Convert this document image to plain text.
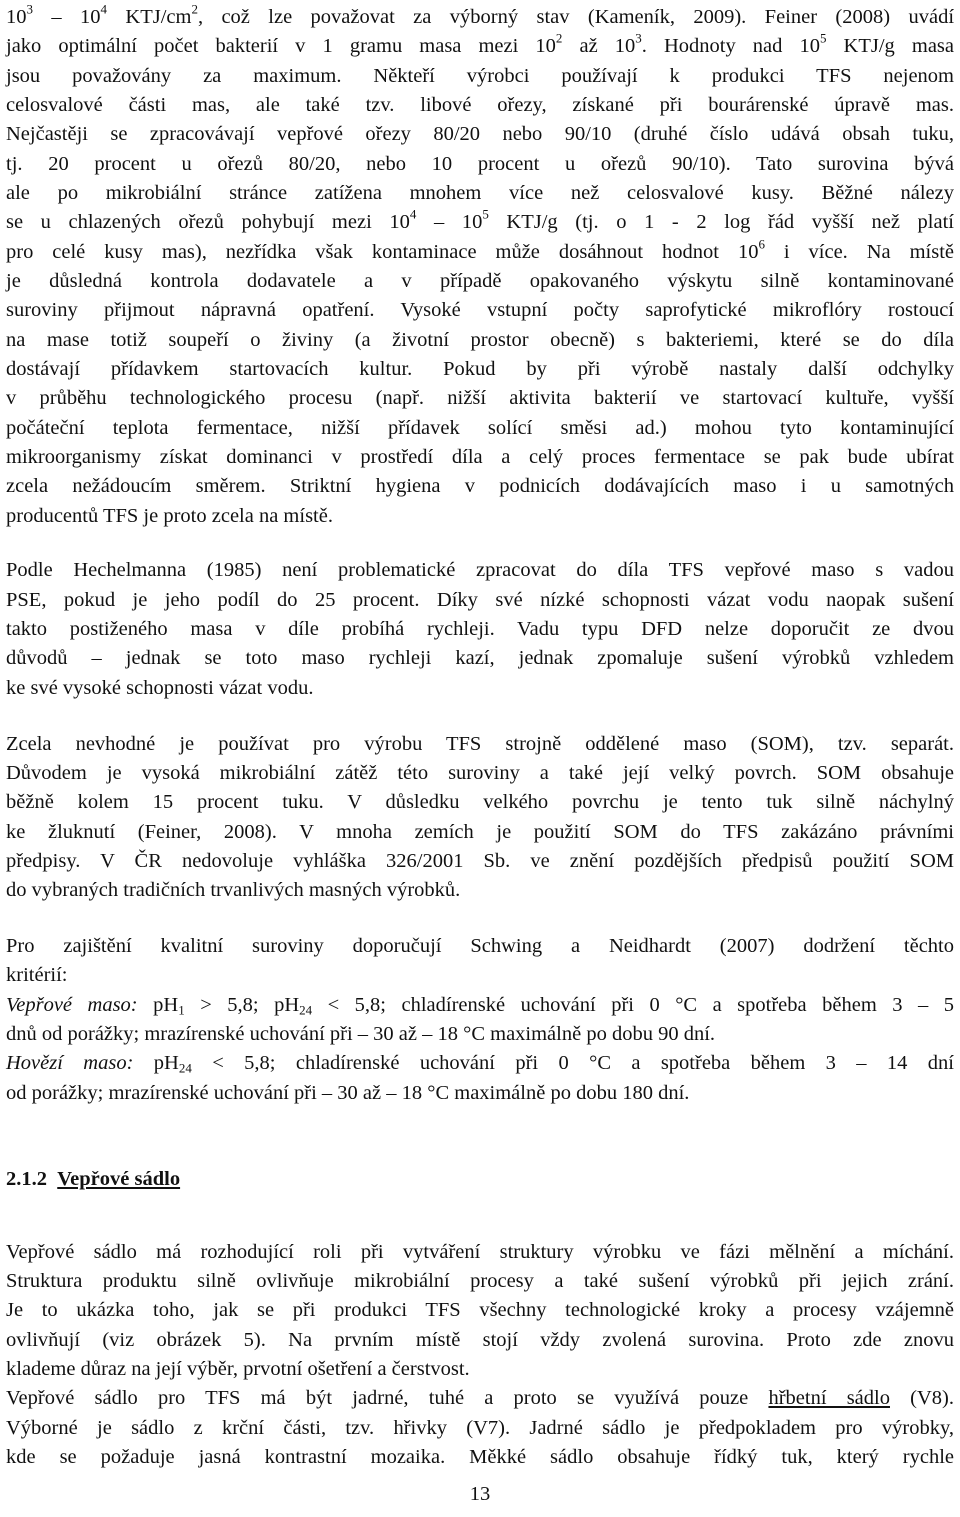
$10^3 - 10^4$ KTJ/$cm^2$, což lze považovat za výborný stav (Kameník, 2009). Feiner (2008) uvádí
jako optimální počet bakterií v 1 gramu masa mezi $10^2$ až $10^3$. Hodnoty nad $10^5$ KTJ/g masa
jsou považovány za maximum. Někteří výrobci používají k produkci TFS nejenom
celosvalové části mas, ale také tzv. libové ořezy, získané při bourárenské úpravě mas.
Nejčastěji se zpracovávají vepřové ořezy 80/20 nebo 90/10 (druhé číslo udává obsah tuku,
tj. 20 procent u ořezů 80/20, nebo 10 procent u ořezů 90/10). Tato surovina bývá
ale po mikrobiální stránce zatížena mnohem více než celosvalové kusy. Běžné nálezy
se u chlazených ořezů pohybují mezi $10^4 - 10^5$ KTJ/g (tj. o 1 - 2 log řád vyšší než platí
pro celé kusy mas), nezřídka však kontaminace může dosáhnout hodnot $10^6$ i více. Na místě
je důsledná kontrola dodavatele a v případě opakovaného výskytu silně kontaminované
suroviny přijmout nápravná opatření. Vysoké vstupní počty saprofytické mikroflóry rostoucí
na mase totiž soupeří o živiny (a životní prostor obecně) s bakteriemi, které se do díla
dostávají přídavkem startovacích kultur. Pokud by při výrobě nastaly další odchylky
v průběhu technologického procesu (např. nižší aktivita bakterií ve startovací kultuře, vyšší
počáteční teplota fermentace, nižší přídavek solící směsi ad.) mohou tyto kontaminující
mikroorganismy získat dominanci v prostředí díla a celý proces fermentace se pak bude ubírat
zcela nežádoucím směrem. Striktní hygiena v podnicích dodávajících maso i u samotných
producentů TFS je proto zcela na místě.
Podle Hechelmanna (1985) není problematické zpracovat do díla TFS vepřové maso s vadou
PSE, pokud je jeho podíl do 25 procent. Díky své nízké schopnosti vázat vodu naopak sušení
takto postiženého masa v díle probíhá rychleji. Vadu typu DFD nelze doporučit ze dvou
důvodů – jednak se toto maso rychleji kazí, jednak zpomaluje sušení výrobků vzhledem
ke své vysoké schopnosti vázat vodu.
Zcela nevhodné je používat pro výrobu TFS strojně oddělené maso (SOM), tzv. separát.
Důvodem je vysoká mikrobiální zátěž této suroviny a také její velký povrch. SOM obsahuje
běžně kolem 15 procent tuku. V důsledku velkého povrchu je tento tuk silně náchylný
ke žluknutí (Feiner, 2008). V mnoha zemích je použití SOM do TFS zakázáno právními
předpisy. V ČR nedovoluje vyhláška 326/2001 Sb. ve znění pozdějších předpisů použití SOM
do vybraných tradičních trvanlivých masných výrobků.
Pro zajištění kvalitní suroviny doporučují Schwing a Neidhardt (2007) dodržení těchto
kritérií:
Vepřové maso: $pH_1 > 5,8$; $pH_{24} < 5,8$; chladírenské uchování při 0 °C a spotřeba během 3 – 5
dnů od porážky; mrazírenské uchování při – 30 až – 18 °C maximálně po dobu 90 dní.
Hovězí maso: $pH_{24} < 5,8$; chladírenské uchování při 0 °C a spotřeba během 3 – 14 dní
od porážky; mrazírenské uchování při – 30 až – 18 °C maximálně po dobu 180 dní.
2.1.2 Vepřové sádlo
Vepřové sádlo má rozhodující roli při vytváření struktury výrobku ve fázi mělnění a míchání.
Struktura produktu silně ovlivňuje mikrobiální procesy a také sušení výrobků při jejich zrání.
Je to ukázka toho, jak se při produkci TFS všechny technologické kroky a procesy vzájemně
ovlivňují (viz obrázek 5). Na prvním místě stojí vždy zvolená surovina. Proto zde znovu
klademe důraz na její výběr, prvotní ošetření a čerstvost.
Vepřové sádlo pro TFS má být jadrné, tuhé a proto se využívá pouze hřbetní sádlo (V8).
Výborné je sádlo z krční části, tzv. hřivky (V7). Jadrné sádlo je předpokladem pro výrobky,
kde se požaduje jasná kontrastní mozaika. Měkké sádlo obsahuje řídký tuk, který rychle
13
